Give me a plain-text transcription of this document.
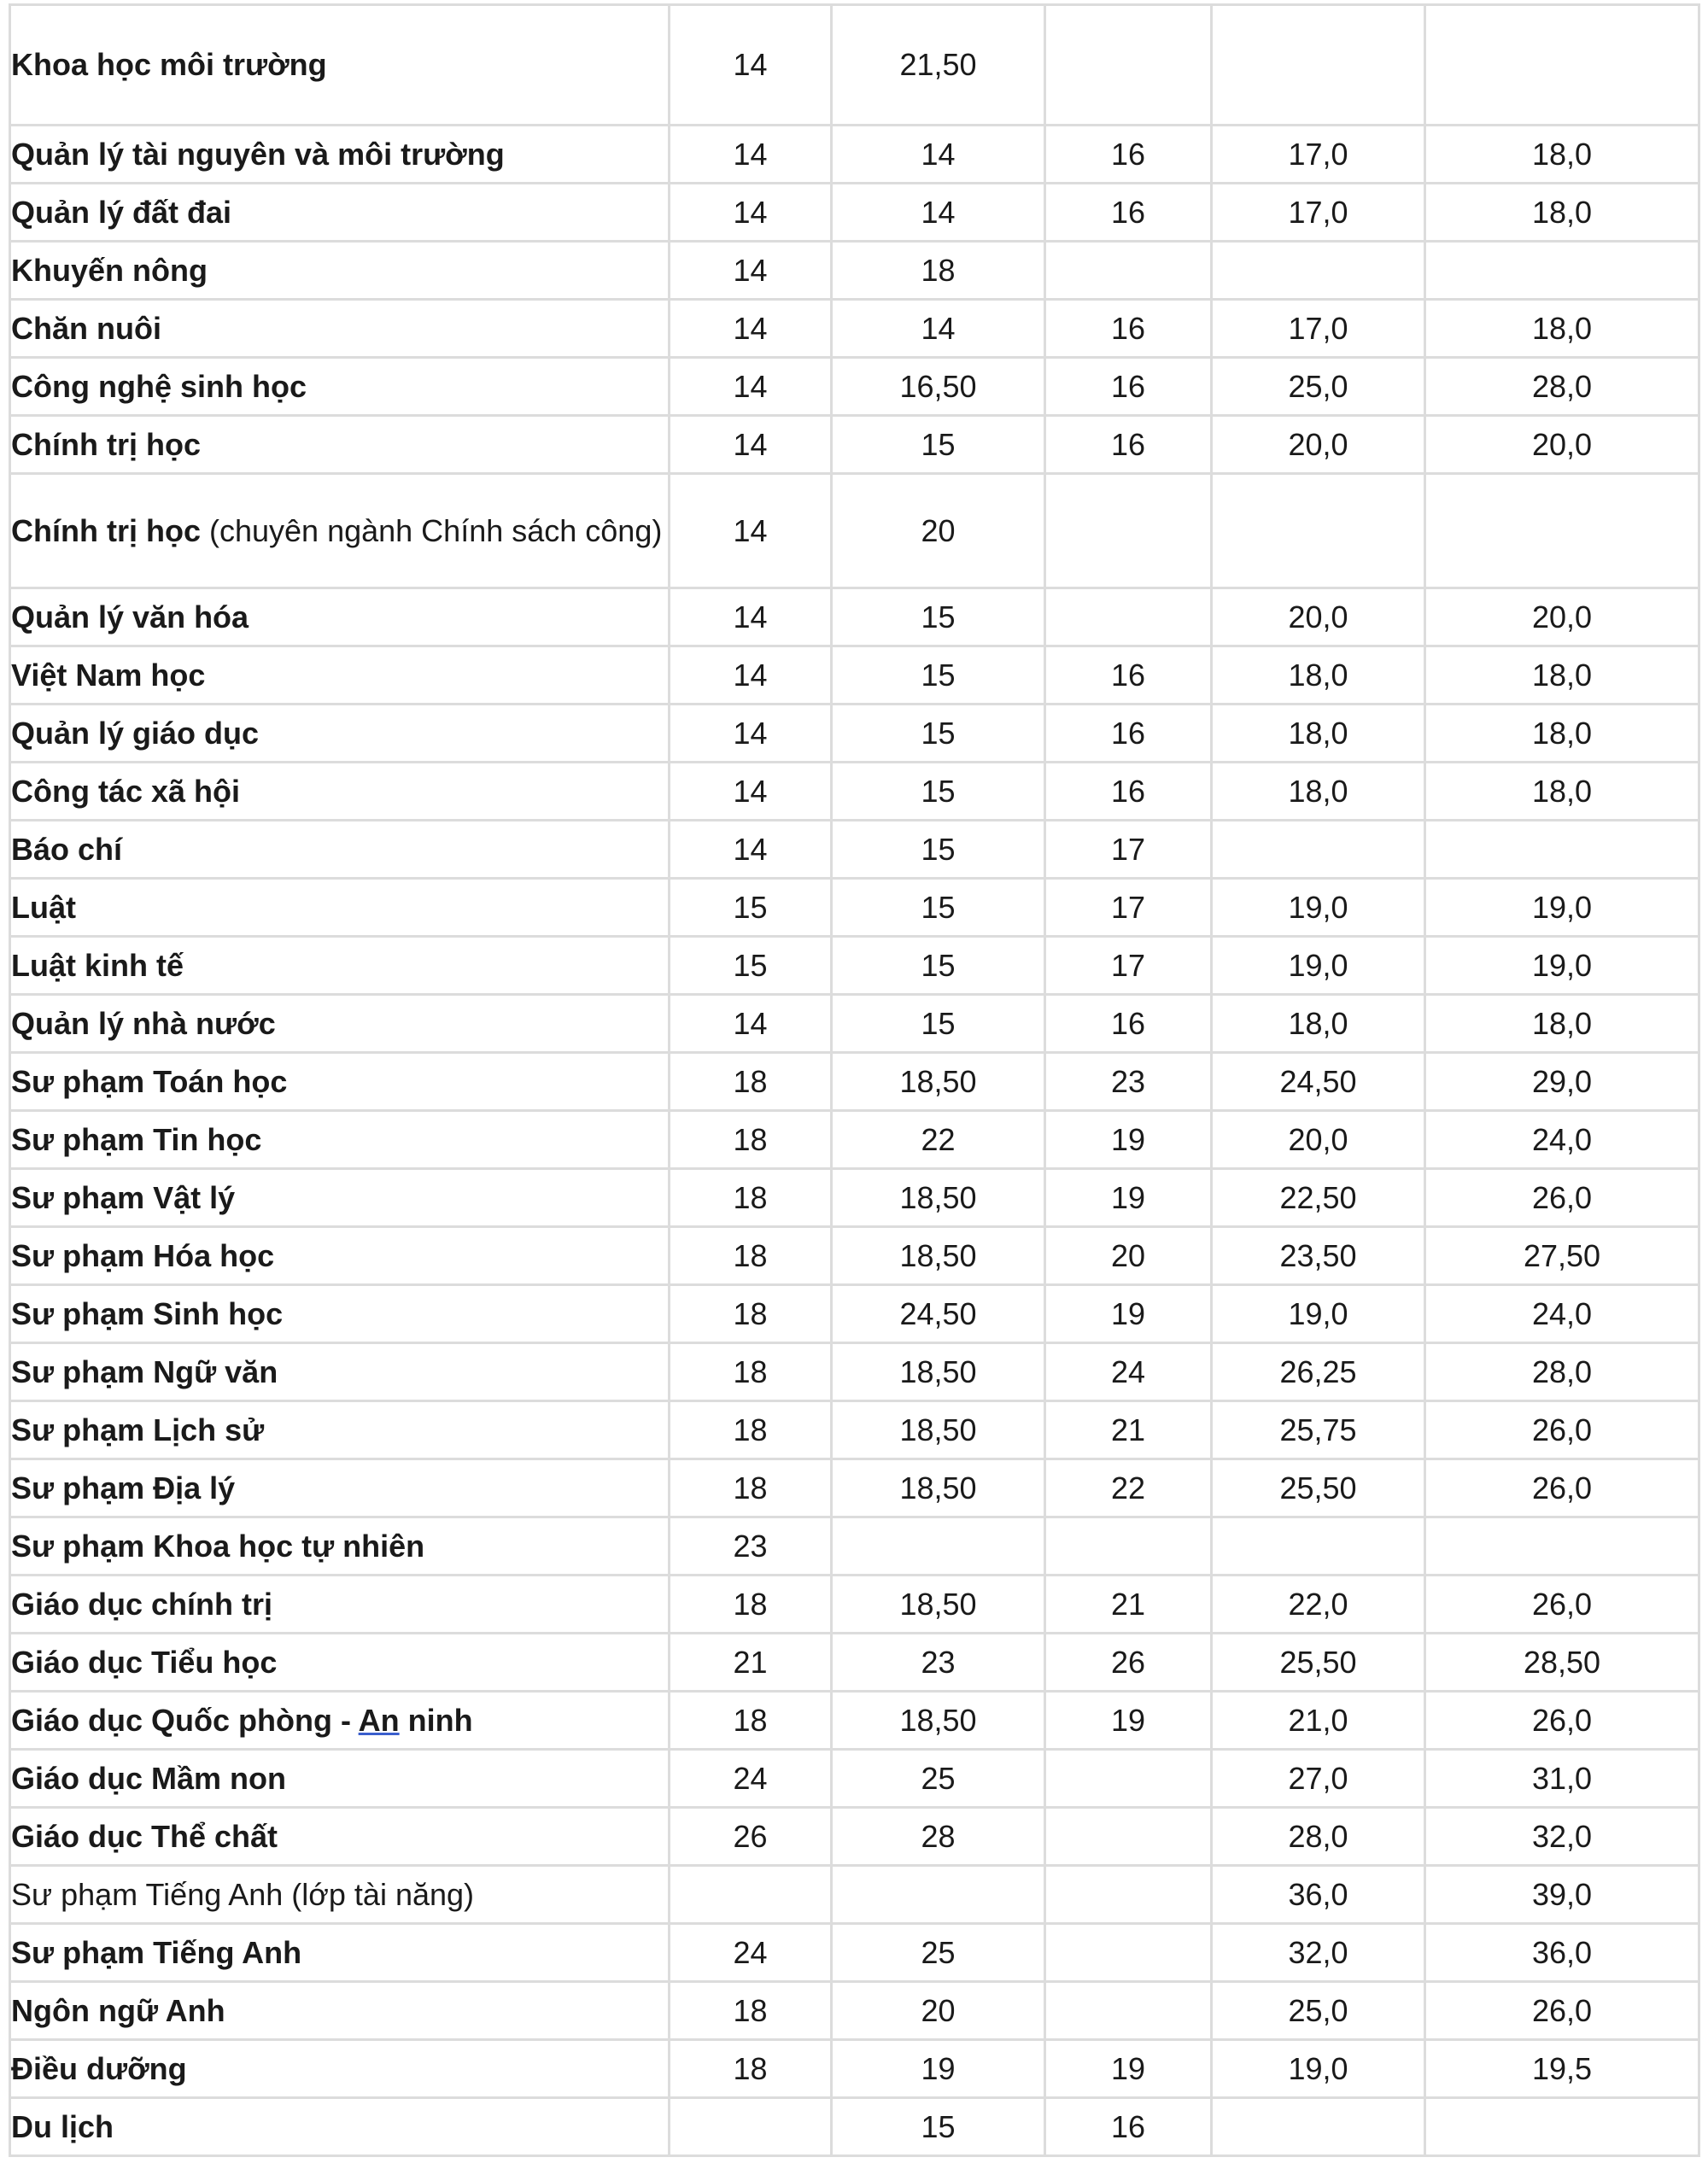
Khoa học môi trường	14	21,50			
Quản lý tài nguyên và môi trường	14	14	16	17,0	18,0
Quản lý đất đai	14	14	16	17,0	18,0
Khuyến nông	14	18			
Chăn nuôi	14	14	16	17,0	18,0
Công nghệ sinh học	14	16,50	16	25,0	28,0
Chính trị học	14	15	16	20,0	20,0
Chính trị học (chuyên ngành Chính sách công)	14	20			
Quản lý văn hóa	14	15		20,0	20,0
Việt Nam học	14	15	16	18,0	18,0
Quản lý giáo dục	14	15	16	18,0	18,0
Công tác xã hội	14	15	16	18,0	18,0
Báo chí	14	15	17		
Luật	15	15	17	19,0	19,0
Luật kinh tế	15	15	17	19,0	19,0
Quản lý nhà nước	14	15	16	18,0	18,0
Sư phạm Toán học	18	18,50	23	24,50	29,0
Sư phạm Tin học	18	22	19	20,0	24,0
Sư phạm Vật lý	18	18,50	19	22,50	26,0
Sư phạm Hóa học	18	18,50	20	23,50	27,50
Sư phạm Sinh học	18	24,50	19	19,0	24,0
Sư phạm Ngữ văn	18	18,50	24	26,25	28,0
Sư phạm Lịch sử	18	18,50	21	25,75	26,0
Sư phạm Địa lý	18	18,50	22	25,50	26,0
Sư phạm Khoa học tự nhiên	23				
Giáo dục chính trị	18	18,50	21	22,0	26,0
Giáo dục Tiểu học	21	23	26	25,50	28,50
Giáo dục Quốc phòng - An ninh	18	18,50	19	21,0	26,0
Giáo dục Mầm non	24	25		27,0	31,0
Giáo dục Thể chất	26	28		28,0	32,0
Sư phạm Tiếng Anh (lớp tài năng)				36,0	39,0
Sư phạm Tiếng Anh	24	25		32,0	36,0
Ngôn ngữ Anh	18	20		25,0	26,0
Điều dưỡng	18	19	19	19,0	19,5
Du lịch		15	16		
